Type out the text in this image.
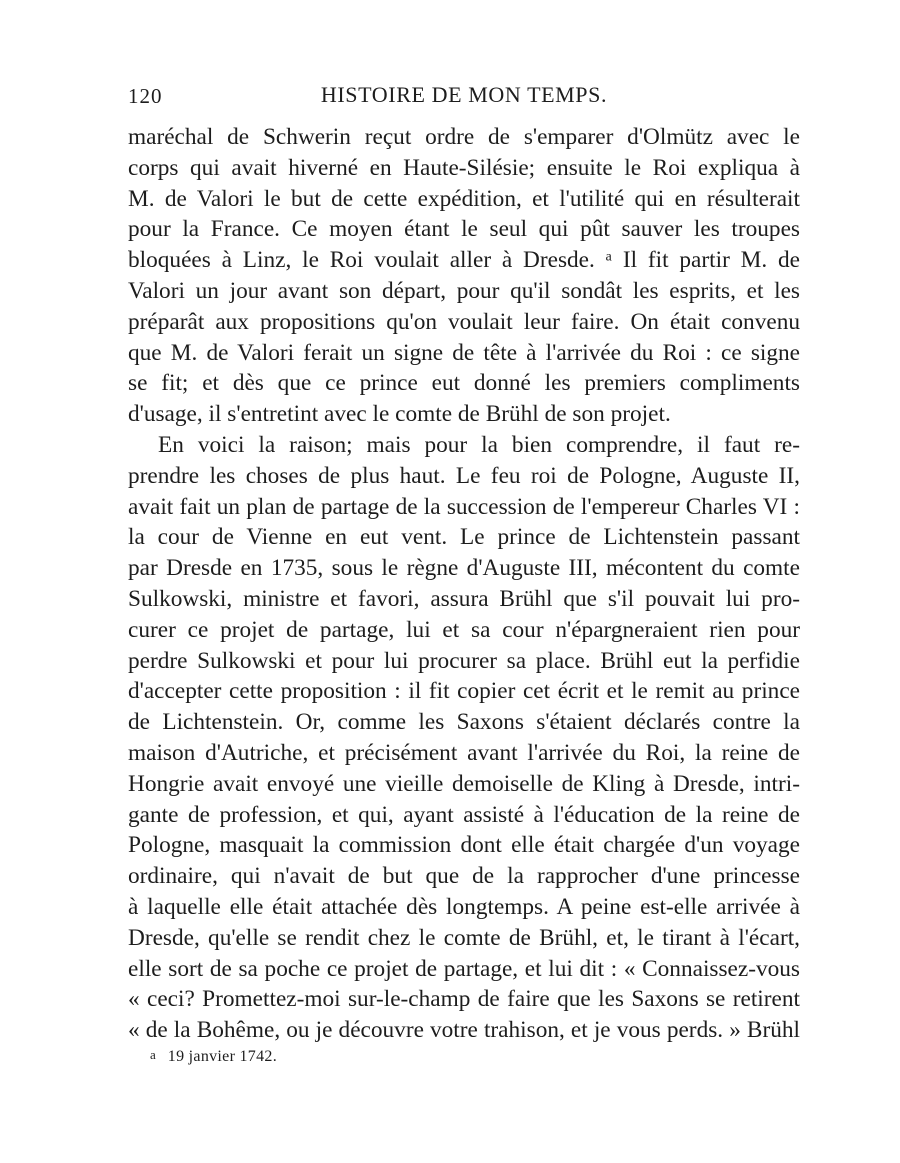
120	HISTOIRE DE MON TEMPS.
maréchal de Schwerin reçut ordre de s'emparer d'Olmütz avec le
corps qui avait hiverné en Haute-Silésie; ensuite le Roi expliqua à
M. de Valori le but de cette expédition, et l'utilité qui en résulterait
pour la France. Ce moyen étant le seul qui pût sauver les troupes
bloquées à Linz, le Roi voulait aller à Dresde. ᵃ Il fit partir M. de
Valori un jour avant son départ, pour qu'il sondât les esprits, et les
préparât aux propositions qu'on voulait leur faire. On était convenu
que M. de Valori ferait un signe de tête à l'arrivée du Roi : ce signe
se fit; et dès que ce prince eut donné les premiers compliments
d'usage, il s'entretint avec le comte de Brühl de son projet.
En voici la raison; mais pour la bien comprendre, il faut re-
prendre les choses de plus haut. Le feu roi de Pologne, Auguste II,
avait fait un plan de partage de la succession de l'empereur Charles VI :
la cour de Vienne en eut vent. Le prince de Lichtenstein passant
par Dresde en 1735, sous le règne d'Auguste III, mécontent du comte
Sulkowski, ministre et favori, assura Brühl que s'il pouvait lui pro-
curer ce projet de partage, lui et sa cour n'épargneraient rien pour
perdre Sulkowski et pour lui procurer sa place. Brühl eut la perfidie
d'accepter cette proposition : il fit copier cet écrit et le remit au prince
de Lichtenstein. Or, comme les Saxons s'étaient déclarés contre la
maison d'Autriche, et précisément avant l'arrivée du Roi, la reine de
Hongrie avait envoyé une vieille demoiselle de Kling à Dresde, intri-
gante de profession, et qui, ayant assisté à l'éducation de la reine de
Pologne, masquait la commission dont elle était chargée d'un voyage
ordinaire, qui n'avait de but que de la rapprocher d'une princesse
à laquelle elle était attachée dès longtemps. A peine est-elle arrivée à
Dresde, qu'elle se rendit chez le comte de Brühl, et, le tirant à l'écart,
elle sort de sa poche ce projet de partage, et lui dit : « Connaissez-vous
« ceci? Promettez-moi sur-le-champ de faire que les Saxons se retirent
« de la Bohême, ou je découvre votre trahison, et je vous perds. » Brühl
a 19 janvier 1742.
